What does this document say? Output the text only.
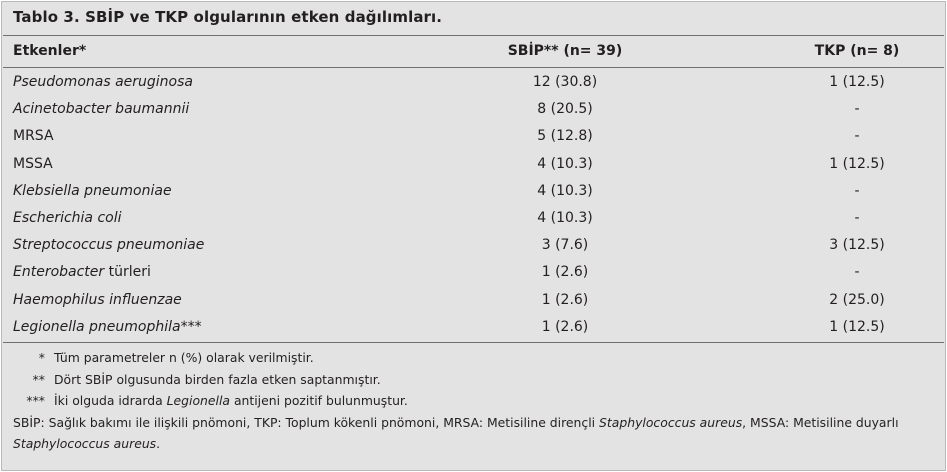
Tablo 3. SBİP ve TKP olgularının etken dağılımları.
Etkenler*	SBİP** (n= 39)	TKP (n= 8)
Pseudomonas aeruginosa	12 (30.8)	1 (12.5)
Acinetobacter baumannii	8 (20.5)	-
MRSA	5 (12.8)	-
MSSA	4 (10.3)	1 (12.5)
Klebsiella pneumoniae	4 (10.3)	-
Escherichia coli	4 (10.3)	-
Streptococcus pneumoniae	3 (7.6)	3 (12.5)
Enterobacter türleri	1 (2.6)	-
Haemophilus influenzae	1 (2.6)	2 (25.0)
Legionella pneumophila***	1 (2.6)	1 (12.5)
* Tüm parametreler n (%) olarak verilmiştir.
** Dört SBİP olgusunda birden fazla etken saptanmıştır.
*** İki olguda idrarda Legionella antijeni pozitif bulunmuştur.
SBİP: Sağlık bakımı ile ilişkili pnömoni, TKP: Toplum kökenli pnömoni, MRSA: Metisiline dirençli Staphylococcus aureus, MSSA: Metisiline duyarlı Staphylococcus aureus.
